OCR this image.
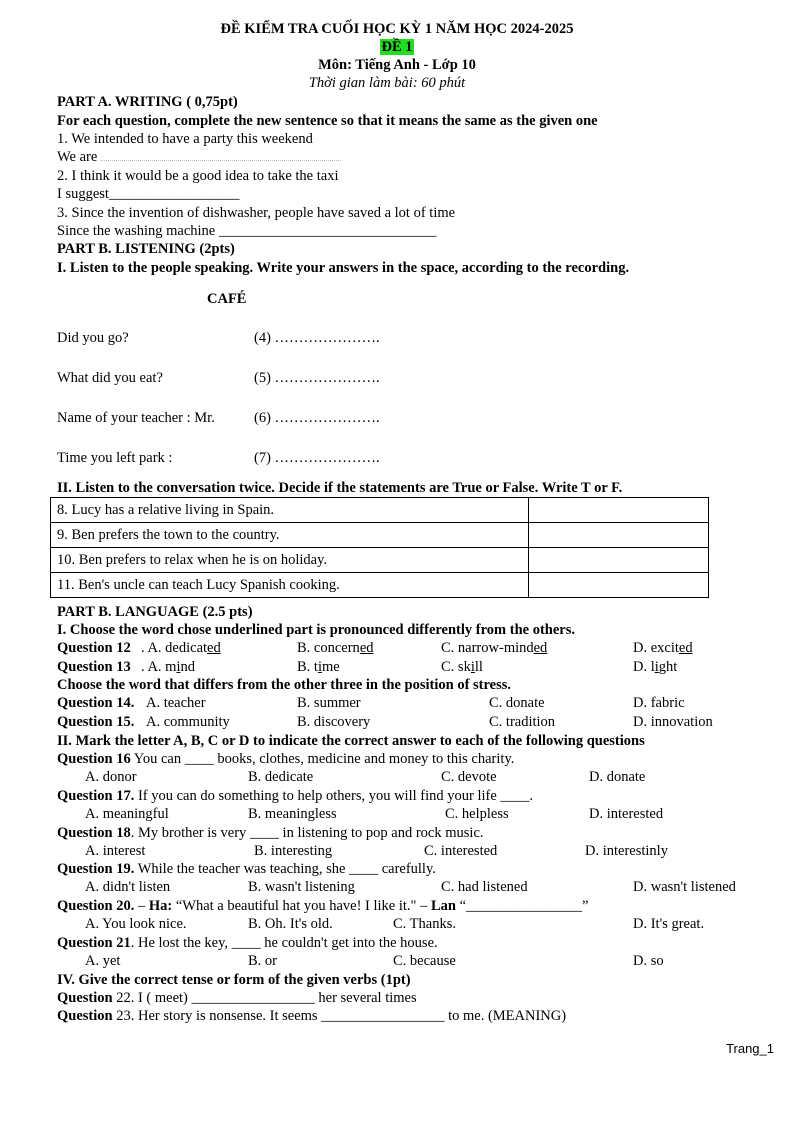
ĐỀ KIỂM TRA CUỐI HỌC KỲ 1 NĂM HỌC 2024-2025
ĐỀ 1
Môn: Tiếng Anh - Lớp 10
Thời gian làm bài: 60 phút
PART A. WRITING ( 0,75pt)
For each question, complete the new sentence so that it means the same as the given one
1. We intended to have a party this weekend
We are
2. I think it would be a good idea to take the taxi
I suggest__________________
3. Since the invention of dishwasher, people have saved a lot of time
Since the washing machine ______________________________
PART B. LISTENING (2pts)
I. Listen to the people speaking. Write your answers in the space, according to the recording.
CAFÉ
Did you go?	(4) ………………….
What did you eat?	(5) ………………….
Name of your teacher : Mr.	(6) ………………….
Time you left park :	(7) ………………….
II. Listen to the conversation twice. Decide if the statements are True or False. Write T or F.
8. Lucy has a relative living in Spain.	
9. Ben prefers the town to the country.	
10. Ben prefers to relax when he is on holiday.	
11. Ben's uncle can teach Lucy Spanish cooking.	
PART B. LANGUAGE (2.5 pts)
I. Choose the word chose underlined part is pronounced differently from the others.
Question 12 . A. dedicated	B. concerned	C. narrow-minded	D. excited
Question 13 . A. mind	B. time	C. skill	D. light
Choose the word that differs from the other three in the position of stress.
Question 14. A. teacher	B. summer	C. donate	D. fabric
Question 15. A. community	B. discovery	C. tradition	D. innovation
II. Mark the letter A, B, C or D to indicate the correct answer to each of the following questions
Question 16 You can ____ books, clothes, medicine and money to this charity.
A. donor	B. dedicate	C. devote	D. donate
Question 17. If you can do something to help others, you will find your life ____.
A. meaningful	B. meaningless	C. helpless	D. interested
Question 18. My brother is very ____ in listening to pop and rock music.
A. interest	B. interesting	C. interested	D. interestinly
Question 19. While the teacher was teaching, she ____ carefully.
A. didn't listen	B. wasn't listening	C. had listened	D. wasn't listened
Question 20. – Ha: “What a beautiful hat you have! I like it." – Lan “________________”
A. You look nice.	B. Oh. It's old.	C. Thanks.	D. It's great.
Question 21. He lost the key, ____ he couldn't get into the house.
A. yet	B. or	C. because	D. so
IV. Give the correct tense or form of the given verbs (1pt)
Question 22. I ( meet) _________________ her several times
Question 23. Her story is nonsense. It seems _________________ to me. (MEANING)
Trang_1
